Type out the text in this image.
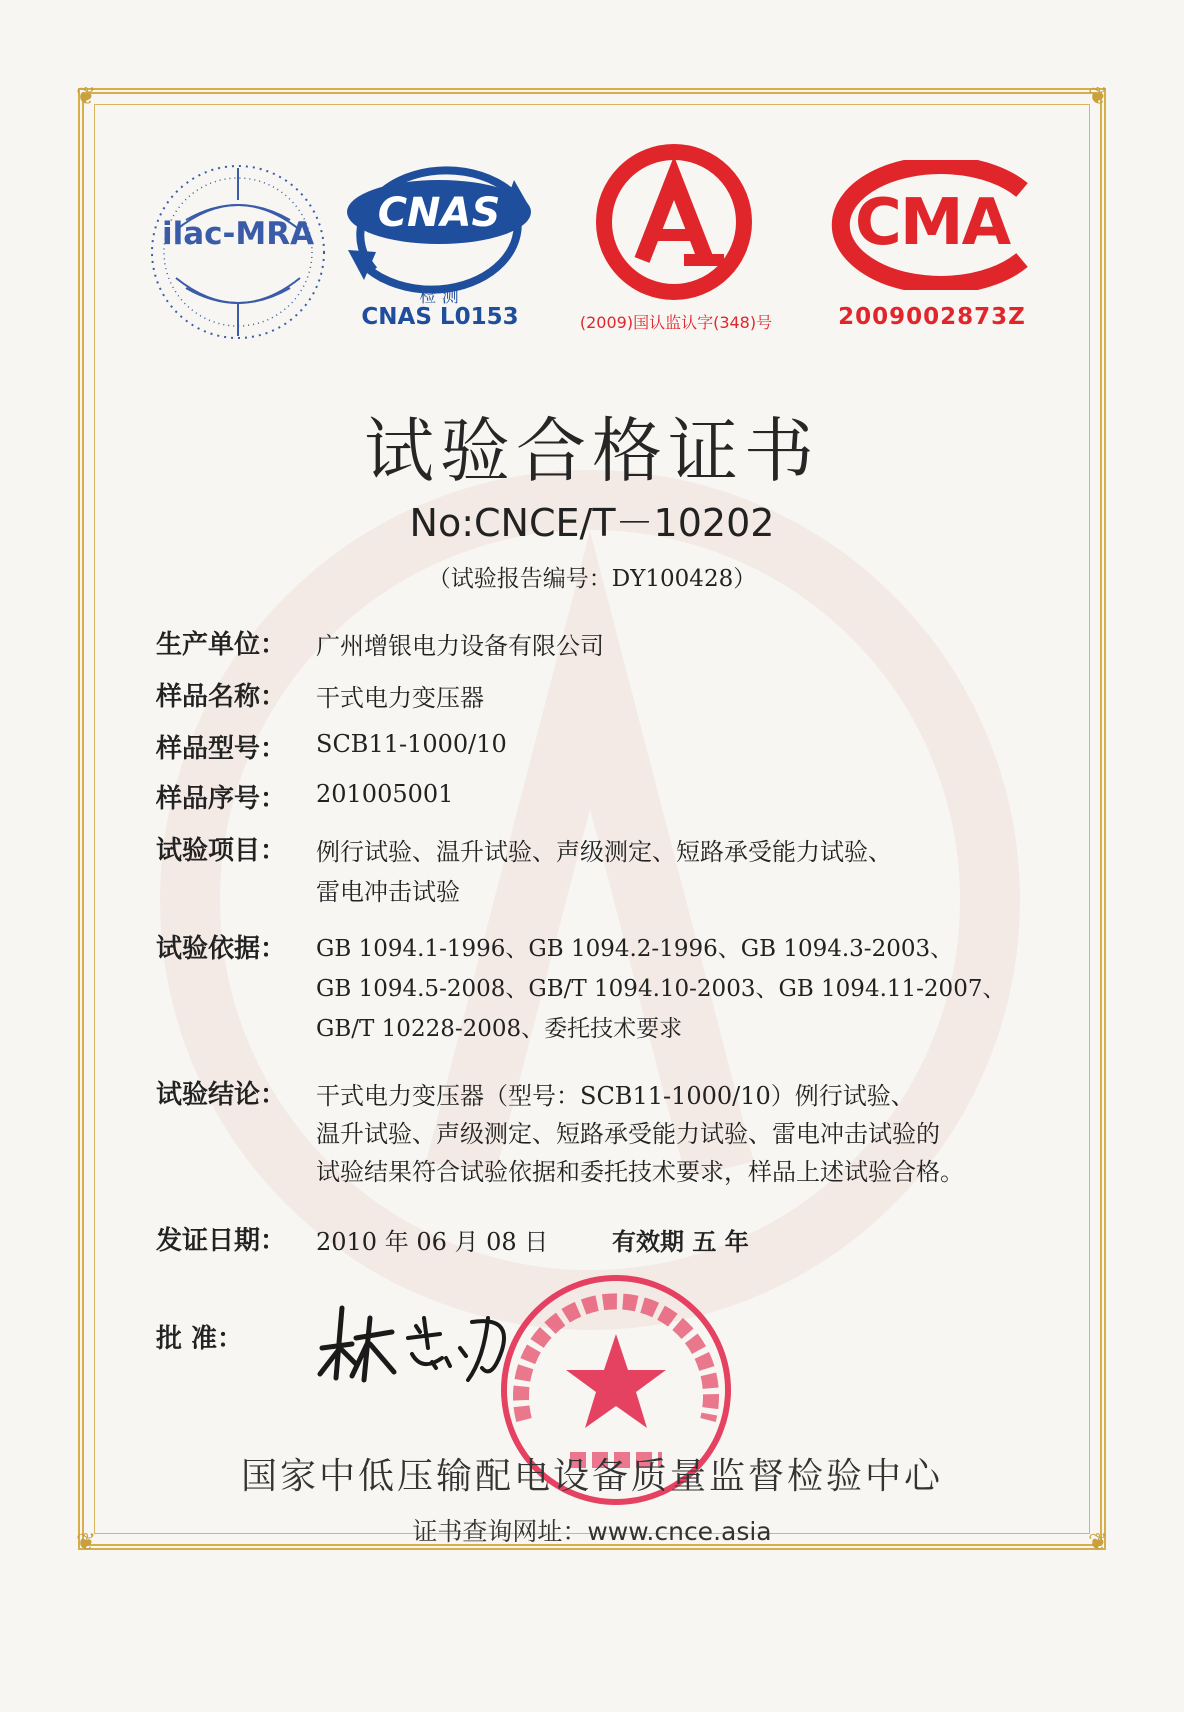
❦	❦
❦	❦
ilac-MRA	CNAS
检 测
CNAS L0153	(2009)国认监认字(348)号
CMA
2009002873Z
试验合格证书
No:CNCE/T－10202
（试验报告编号：DY100428）
生产单位：	广州增银电力设备有限公司
样品名称：	干式电力变压器
样品型号：	SCB11-1000/10
样品序号：	201005001
试验项目：	例行试验、温升试验、声级测定、短路承受能力试验、
雷电冲击试验
试验依据：	GB 1094.1-1996、GB 1094.2-1996、GB 1094.3-2003、
GB 1094.5-2008、GB/T 1094.10-2003、GB 1094.11-2007、
GB/T 10228-2008、委托技术要求
试验结论：	干式电力变压器（型号：SCB11-1000/10）例行试验、
温升试验、声级测定、短路承受能力试验、雷电冲击试验的
试验结果符合试验依据和委托技术要求，样品上述试验合格。
发证日期：	2010 年 06 月 08 日	有效期 五 年
批 准：
国家中低压输配电设备质量监督检验中心
证书查询网址：www.cnce.asia
